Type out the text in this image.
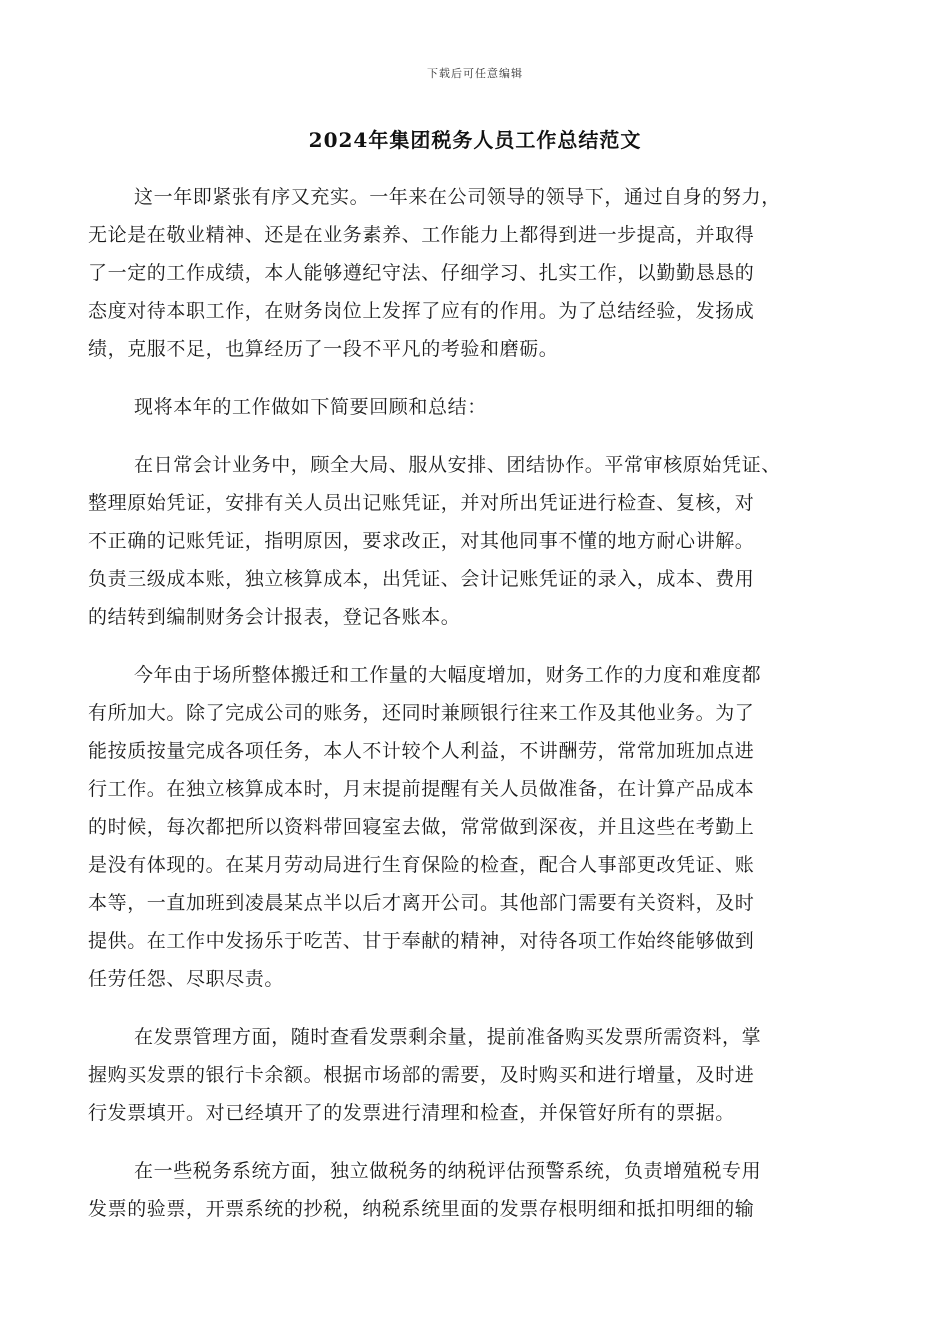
下载后可任意编辑
2024年集团税务人员工作总结范文
这一年即紧张有序又充实。一年来在公司领导的领导下，通过自身的努力，
无论是在敬业精神、还是在业务素养、工作能力上都得到进一步提高，并取得
了一定的工作成绩，本人能够遵纪守法、仔细学习、扎实工作，以勤勤恳恳的
态度对待本职工作，在财务岗位上发挥了应有的作用。为了总结经验，发扬成
绩，克服不足，也算经历了一段不平凡的考验和磨砺。
现将本年的工作做如下简要回顾和总结：
在日常会计业务中，顾全大局、服从安排、团结协作。平常审核原始凭证、
整理原始凭证，安排有关人员出记账凭证，并对所出凭证进行检查、复核，对
不正确的记账凭证，指明原因，要求改正，对其他同事不懂的地方耐心讲解。
负责三级成本账，独立核算成本，出凭证、会计记账凭证的录入，成本、费用
的结转到编制财务会计报表，登记各账本。
今年由于场所整体搬迁和工作量的大幅度增加，财务工作的力度和难度都
有所加大。除了完成公司的账务，还同时兼顾银行往来工作及其他业务。为了
能按质按量完成各项任务，本人不计较个人利益，不讲酬劳，常常加班加点进
行工作。在独立核算成本时，月末提前提醒有关人员做准备，在计算产品成本
的时候，每次都把所以资料带回寝室去做，常常做到深夜，并且这些在考勤上
是没有体现的。在某月劳动局进行生育保险的检查，配合人事部更改凭证、账
本等，一直加班到凌晨某点半以后才离开公司。其他部门需要有关资料，及时
提供。在工作中发扬乐于吃苦、甘于奉献的精神，对待各项工作始终能够做到
任劳任怨、尽职尽责。
在发票管理方面，随时查看发票剩余量，提前准备购买发票所需资料，掌
握购买发票的银行卡余额。根据市场部的需要，及时购买和进行增量，及时进
行发票填开。对已经填开了的发票进行清理和检查，并保管好所有的票据。
在一些税务系统方面，独立做税务的纳税评估预警系统，负责增殖税专用
发票的验票，开票系统的抄税，纳税系统里面的发票存根明细和抵扣明细的输
